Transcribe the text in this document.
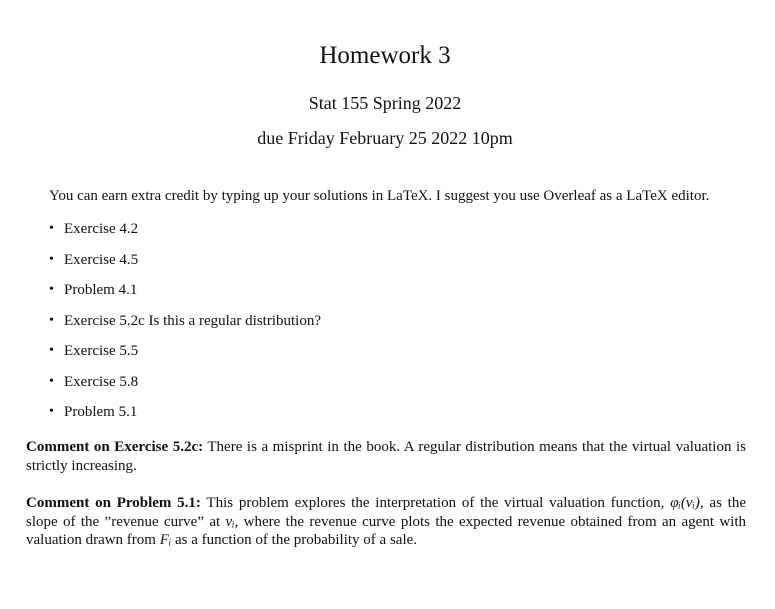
Homework 3
Stat 155 Spring 2022
due Friday February 25 2022 10pm
You can earn extra credit by typing up your solutions in LaTeX. I suggest you use Overleaf as a LaTeX editor.
• Exercise 4.2
• Exercise 4.5
• Problem 4.1
• Exercise 5.2c Is this a regular distribution?
• Exercise 5.5
• Exercise 5.8
• Problem 5.1
Comment on Exercise 5.2c: There is a misprint in the book. A regular distribution means that the virtual valuation is
strictly increasing.
Comment on Problem 5.1: This problem explores the interpretation of the virtual valuation function, φᵢ(vᵢ), as the
slope of the ”revenue curve” at vᵢ, where the revenue curve plots the expected revenue obtained from an agent with
valuation drawn from Fᵢ as a function of the probability of a sale.
